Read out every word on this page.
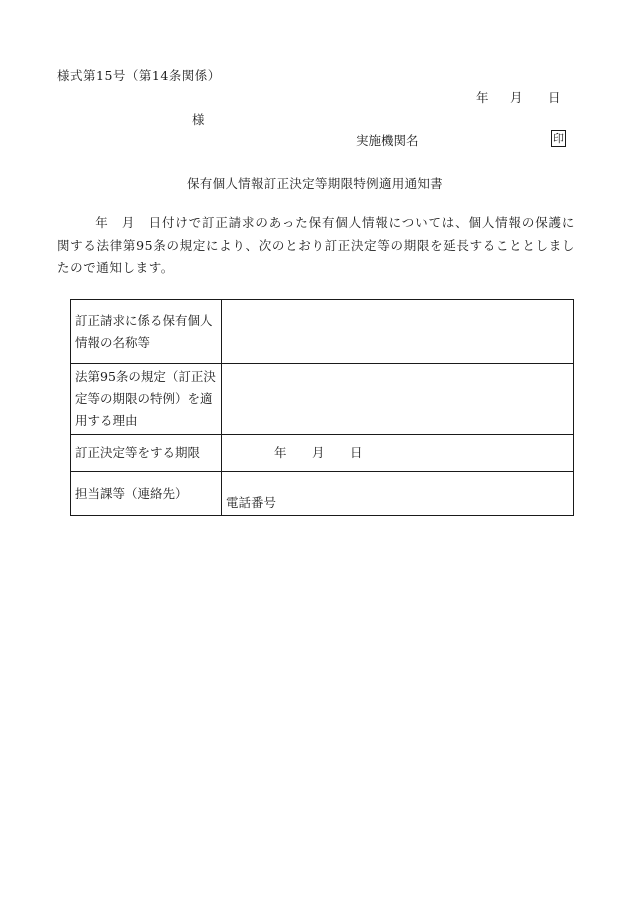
様式第15号（第14条関係）
年 月 日
様
実施機関名	印
保有個人情報訂正決定等期限特例適用通知書
年　月　日付けで訂正請求のあった保有個人情報については、個人情報の保護に関する法律第95条の規定により、次のとおり訂正決定等の期限を延長することとしましたので通知します。
訂正請求に係る保有個人情報の名称等	
法第95条の規定（訂正決定等の期限の特例）を適用する理由	
訂正決定等をする期限	年 月 日
担当課等（連絡先）	電話番号
